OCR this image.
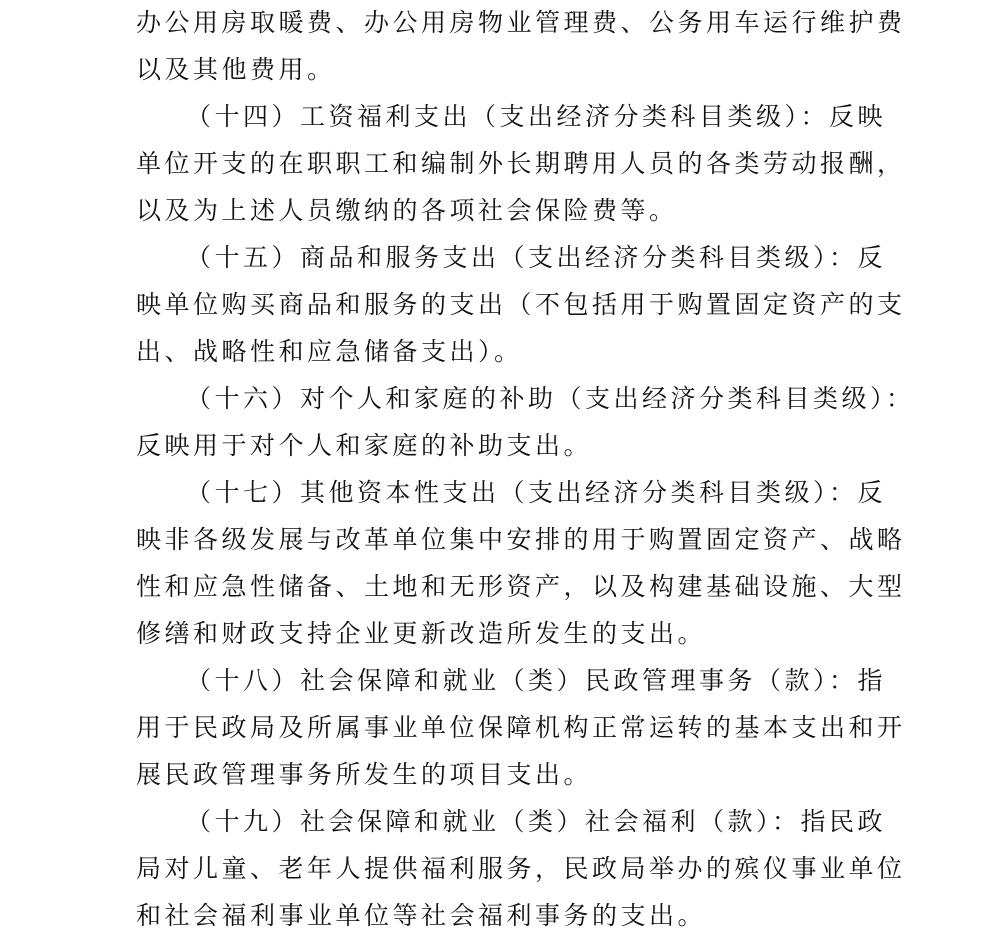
办公用房取暖费、办公用房物业管理费、公务用车运行维护费
以及其他费用。
（十四）工资福利支出（支出经济分类科目类级）：反映
单位开支的在职职工和编制外长期聘用人员的各类劳动报酬，
以及为上述人员缴纳的各项社会保险费等。
（十五）商品和服务支出（支出经济分类科目类级）：反
映单位购买商品和服务的支出（不包括用于购置固定资产的支
出、战略性和应急储备支出）。
（十六）对个人和家庭的补助（支出经济分类科目类级）：
反映用于对个人和家庭的补助支出。
（十七）其他资本性支出（支出经济分类科目类级）：反
映非各级发展与改革单位集中安排的用于购置固定资产、战略
性和应急性储备、土地和无形资产，以及构建基础设施、大型
修缮和财政支持企业更新改造所发生的支出。
（十八）社会保障和就业（类）民政管理事务（款）：指
用于民政局及所属事业单位保障机构正常运转的基本支出和开
展民政管理事务所发生的项目支出。
（十九）社会保障和就业（类）社会福利（款）：指民政
局对儿童、老年人提供福利服务，民政局举办的殡仪事业单位
和社会福利事业单位等社会福利事务的支出。
